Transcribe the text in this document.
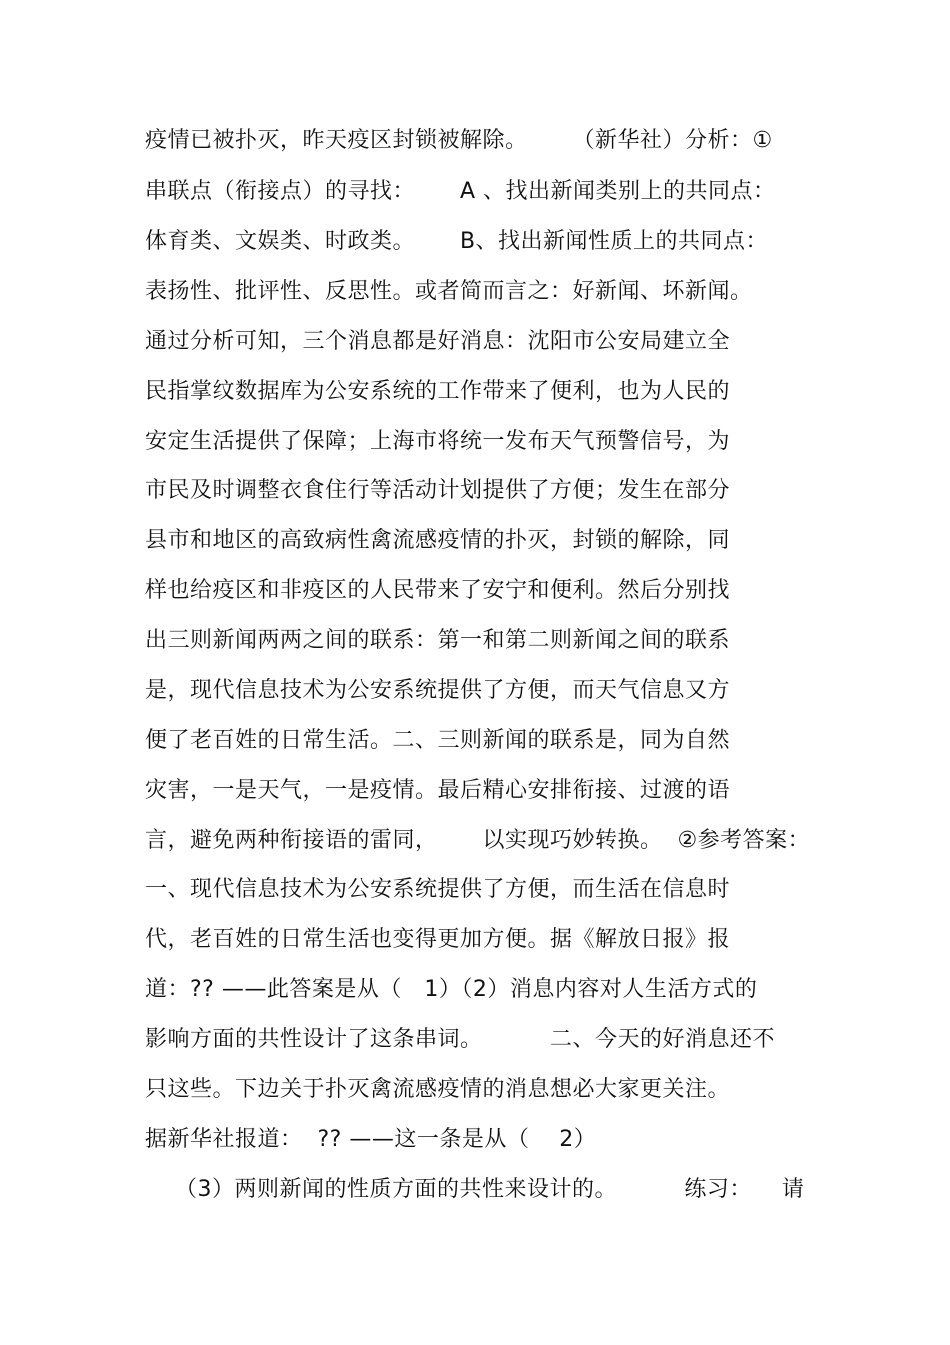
疫情已被扑灭，昨天疫区封锁被解除。      （新华社）分析：①
串联点（衔接点）的寻找：      A 、找出新闻类别上的共同点：
体育类、文娱类、时政类。      B、找出新闻性质上的共同点：
表扬性、批评性、反思性。或者简而言之：好新闻、坏新闻。
通过分析可知，三个消息都是好消息：沈阳市公安局建立全
民指掌纹数据库为公安系统的工作带来了便利，也为人民的
安定生活提供了保障；上海市将统一发布天气预警信号，为
市民及时调整衣食住行等活动计划提供了方便；发生在部分
县市和地区的高致病性禽流感疫情的扑灭，封锁的解除，同
样也给疫区和非疫区的人民带来了安宁和便利。然后分别找
出三则新闻两两之间的联系：第一和第二则新闻之间的联系
是，现代信息技术为公安系统提供了方便，而天气信息又方
便了老百姓的日常生活。二、三则新闻的联系是，同为自然
灾害，一是天气，一是疫情。最后精心安排衔接、过渡的语
言，避免两种衔接语的雷同，      以实现巧妙转换。  ②参考答案：
一、现代信息技术为公安系统提供了方便，而生活在信息时
代，老百姓的日常生活也变得更加方便。据《解放日报》报
道：?? ——此答案是从（   1）（2）消息内容对人生活方式的
影响方面的共性设计了这条串词。         二、今天的好消息还不
只这些。下边关于扑灭禽流感疫情的消息想必大家更关注。
据新华社报道：  ?? ——这一条是从（    2）
（3）两则新闻的性质方面的共性来设计的。         练习：    请
